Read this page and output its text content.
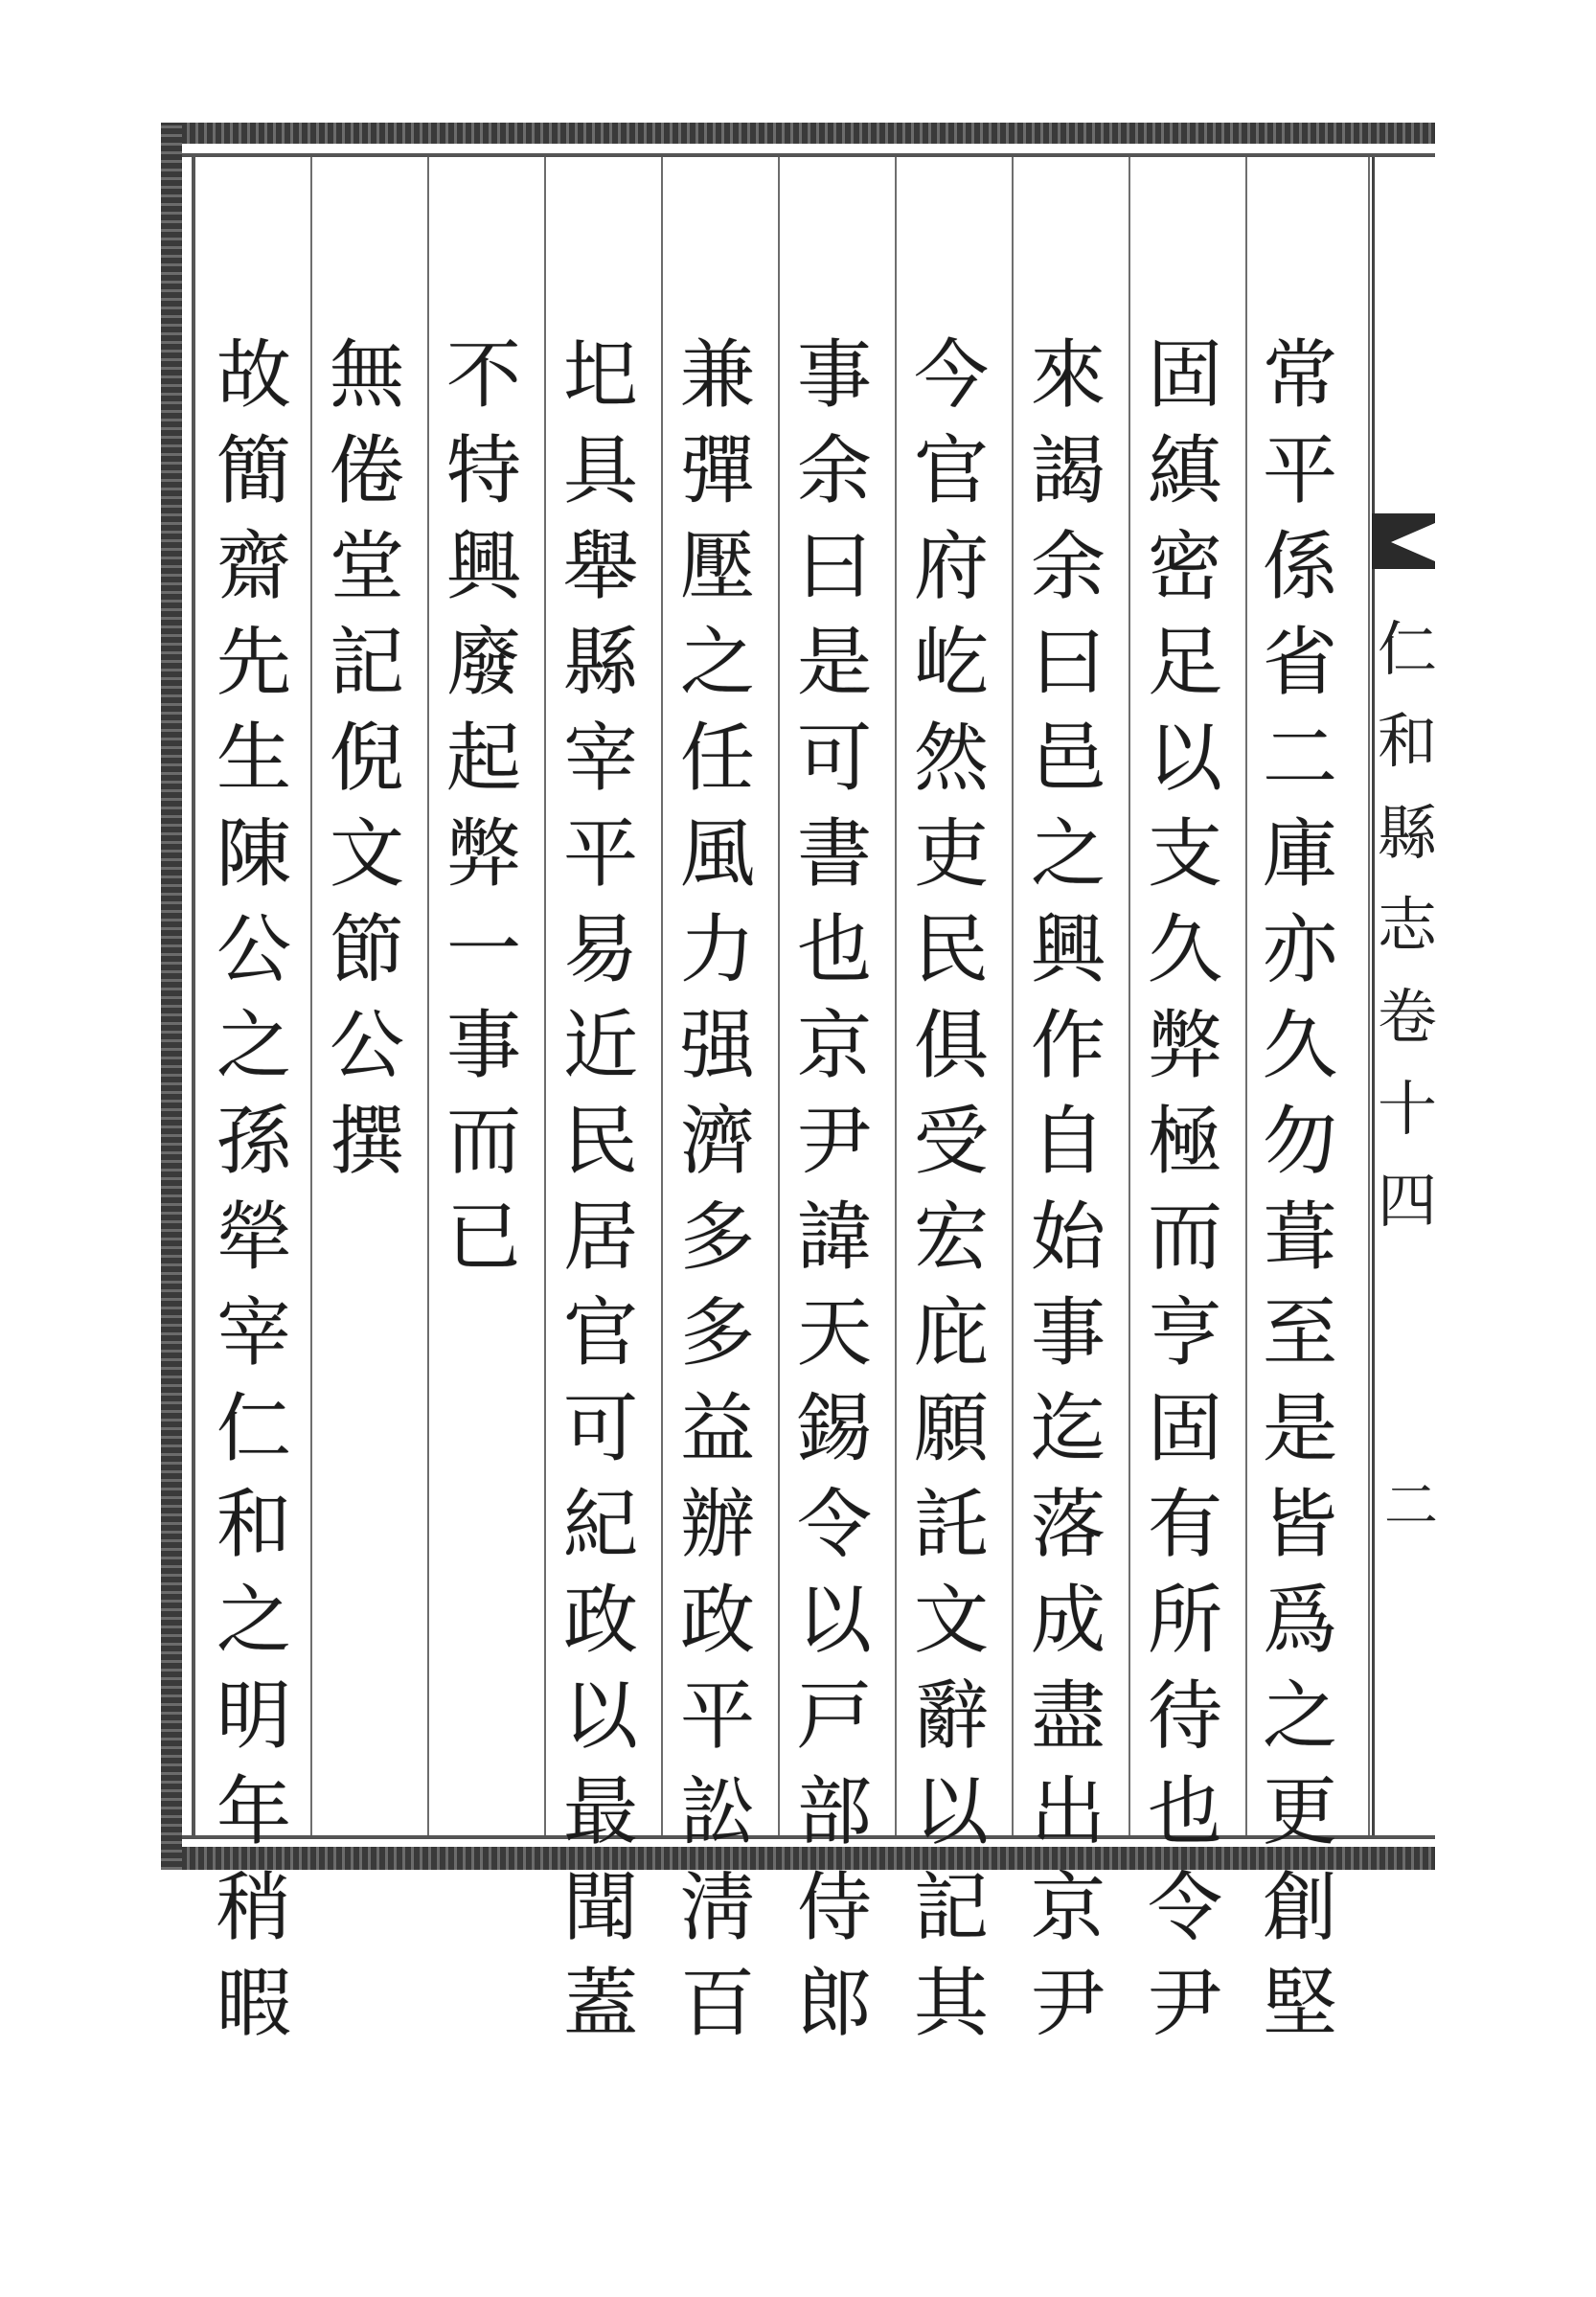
仁
和
縣
志
卷
十
四
二
常
平
係
省
二
庫
亦
久
勿
葺
至
是
皆
爲
之
更
創
堅
固
縝
密
足
以
支
久
弊
極
而
亨
固
有
所
待
也
令
尹
來
謁
余
曰
邑
之
興
作
自
始
事
迄
落
成
盡
出
京
尹
今
官
府
屹
然
吏
民
俱
受
宏
庇
願
託
文
辭
以
記
其
事
余
曰
是
可
書
也
京
尹
諱
天
錫
令
以
戸
部
侍
郎
兼
彈
壓
之
任
風
力
强
濟
多
多
益
辦
政
平
訟
淸
百
圯
具
舉
縣
宰
平
易
近
民
居
官
可
紀
政
以
最
聞
蓋
不
特
興
廢
起
弊
一
事
而
已
無
倦
堂
記
倪
文
節
公
撰
故
簡
齋
先
生
陳
公
之
孫
犖
宰
仁
和
之
明
年
稍
暇
